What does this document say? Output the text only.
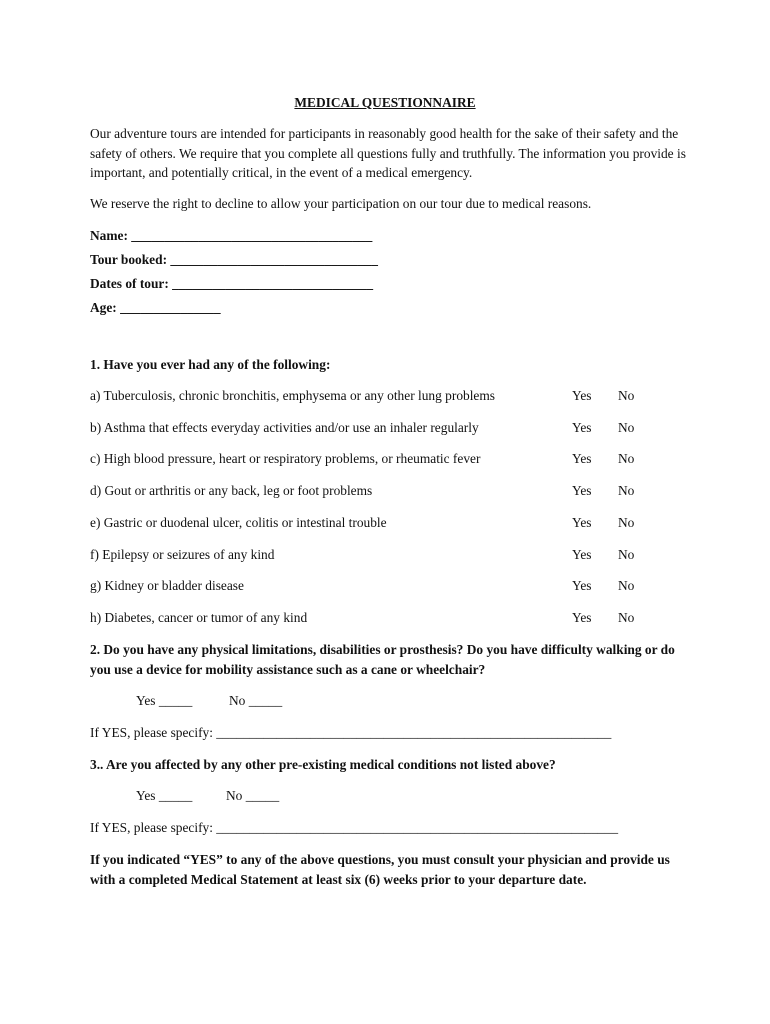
MEDICAL QUESTIONNAIRE
Our adventure tours are intended for participants in reasonably good health for the sake of their safety and the safety of others. We require that you complete all questions fully and truthfully. The information you provide is important, and potentially critical, in the event of a medical emergency.
We reserve the right to decline to allow your participation on our tour due to medical reasons.
Name: ____________________________________
Tour booked: _______________________________
Dates of tour: ______________________________
Age: _______________
1. Have you ever had any of the following:
a) Tuberculosis, chronic bronchitis, emphysema or any other lung problems	Yes No
b) Asthma that effects everyday activities and/or use an inhaler regularly	Yes No
c) High blood pressure, heart or respiratory problems, or rheumatic fever	Yes No
d) Gout or arthritis or any back, leg or foot problems	Yes No
e) Gastric or duodenal ulcer, colitis or intestinal trouble	Yes No
f) Epilepsy or seizures of any kind	Yes No
g) Kidney or bladder disease	Yes No
h) Diabetes, cancer or tumor of any kind	Yes No
2. Do you have any physical limitations, disabilities or prosthesis? Do you have difficulty walking or do you use a device for mobility assistance such as a cane or wheelchair?
Yes _____	No _____
If YES, please specify: ___________________________________________________________
3.. Are you affected by any other pre-existing medical conditions not listed above?
Yes _____	No _____
If YES, please specify: ____________________________________________________________
If you indicated “YES” to any of the above questions, you must consult your physician and provide us with a completed Medical Statement at least six (6) weeks prior to your departure date.
